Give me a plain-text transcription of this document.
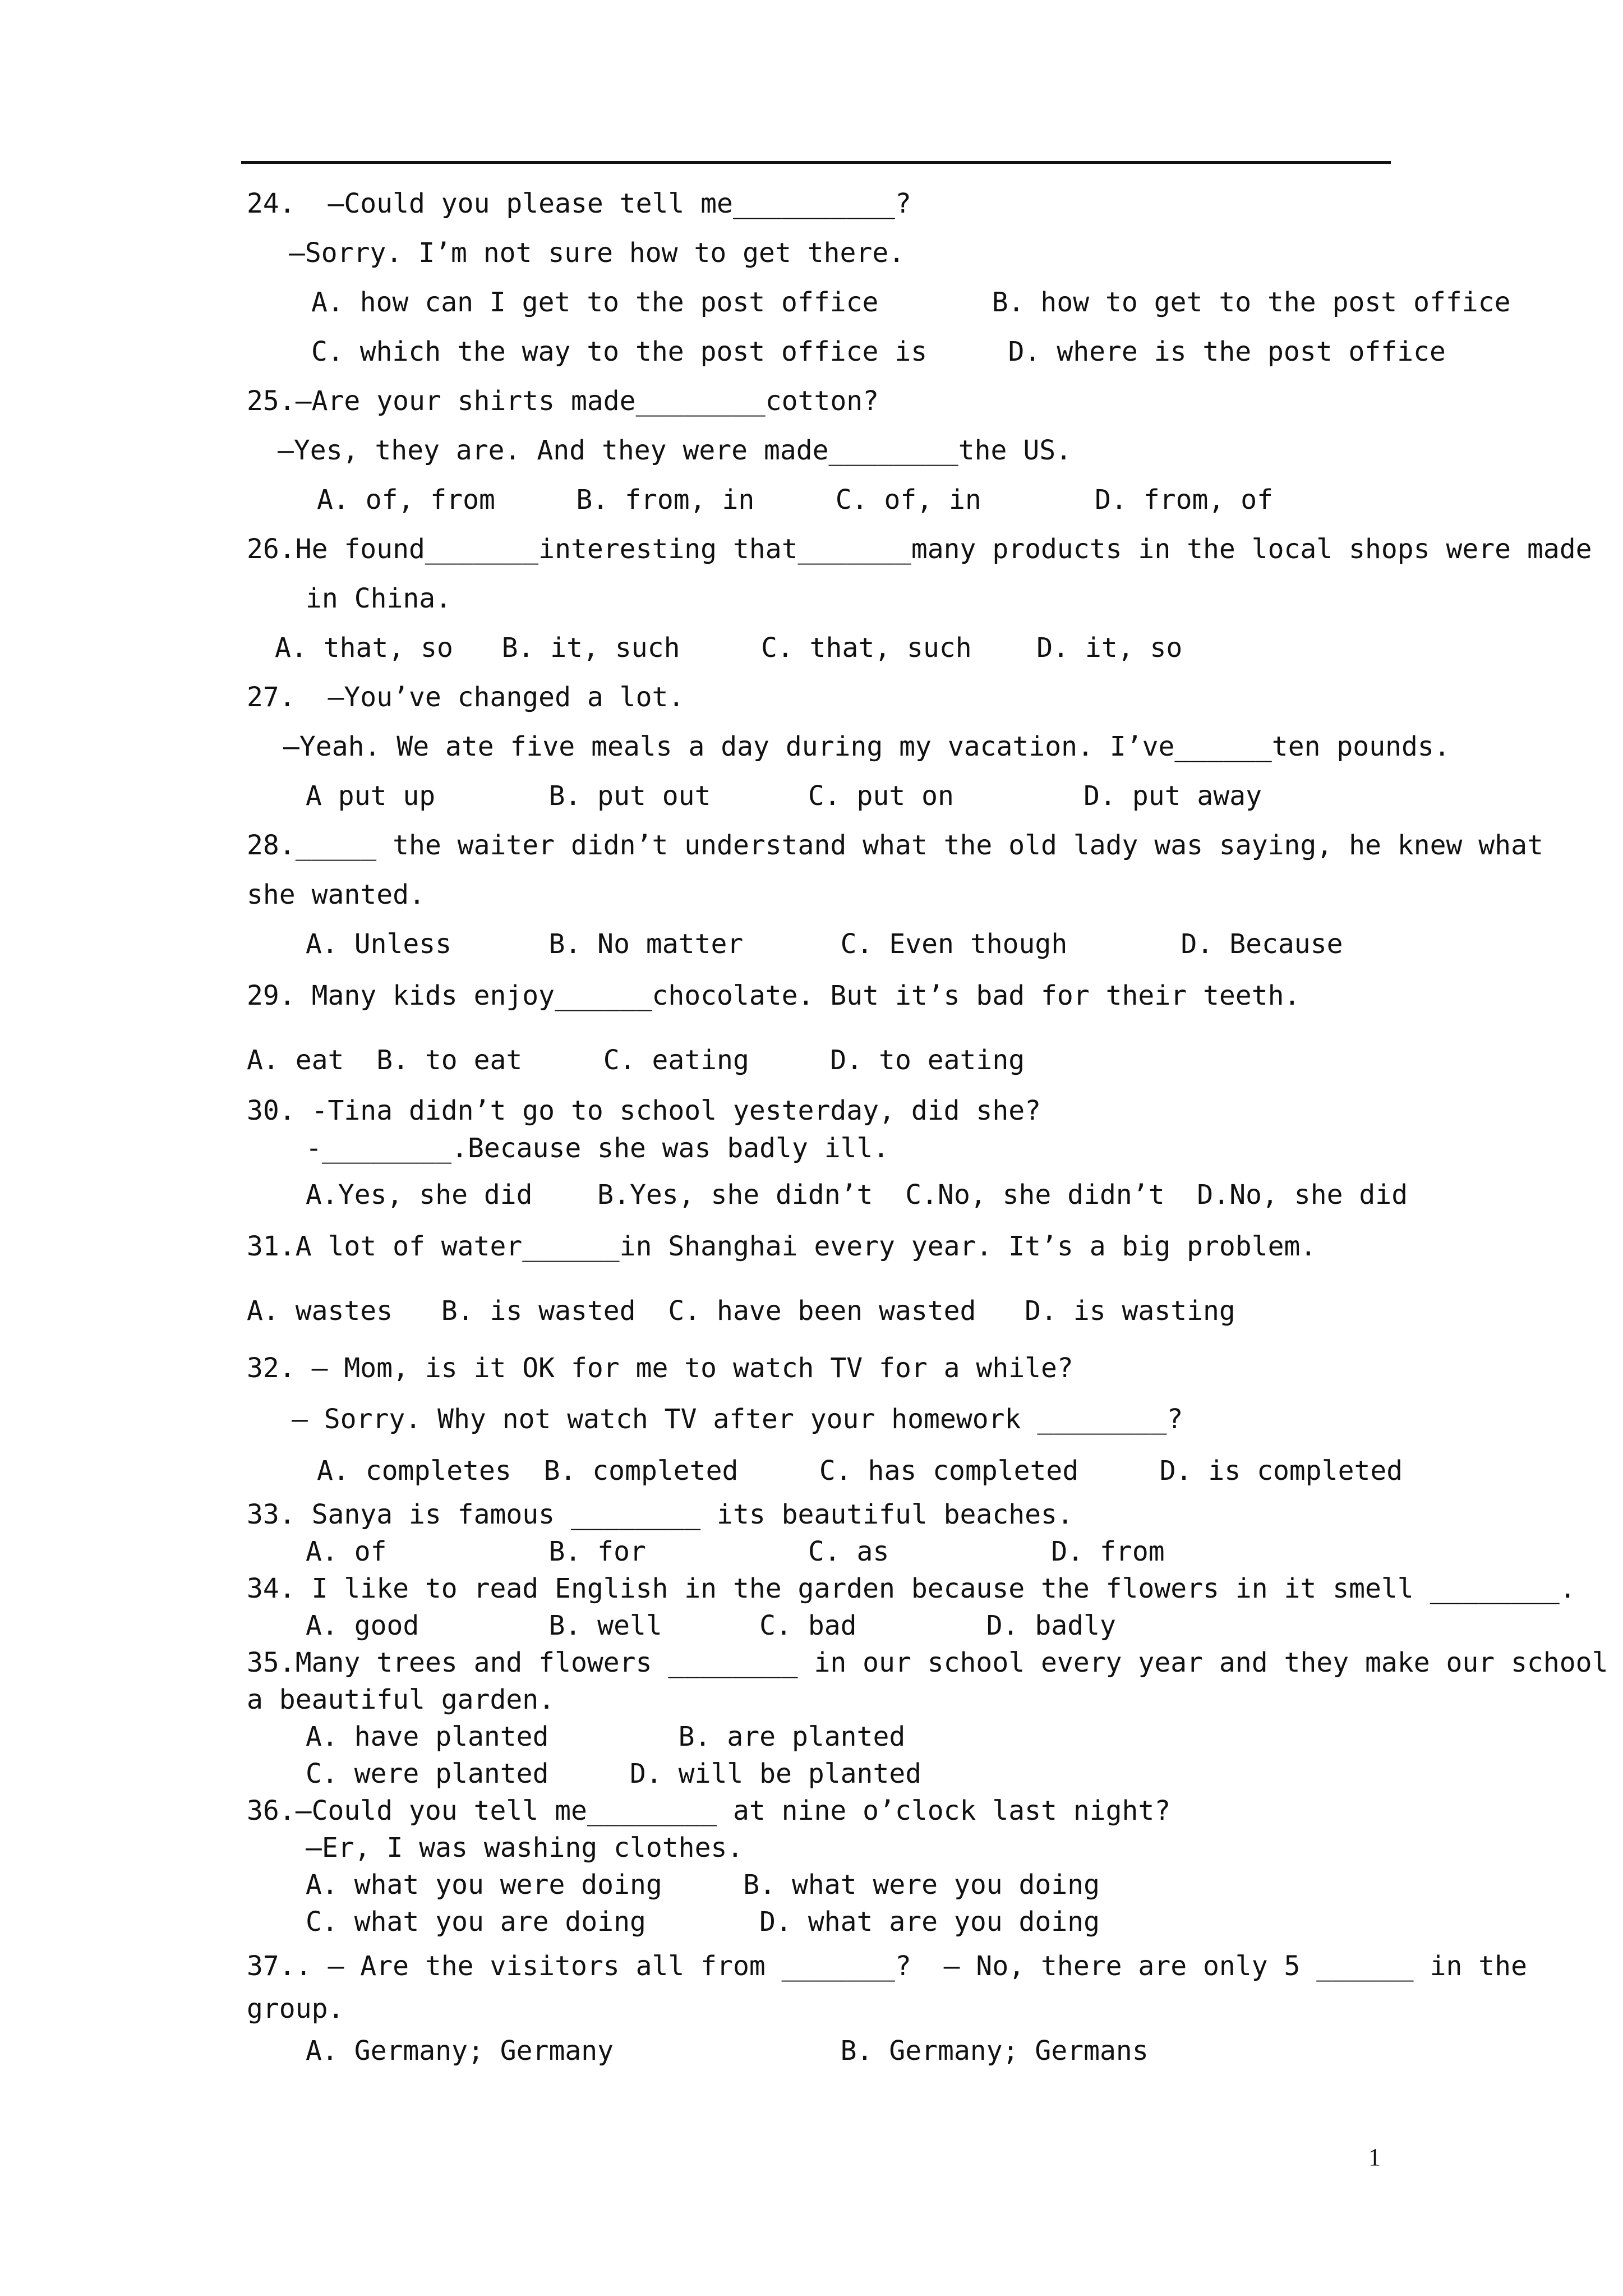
24.  —Could you please tell me__________?
—Sorry. I’m not sure how to get there.
A. how can I get to the post office       B. how to get to the post office
C. which the way to the post office is     D. where is the post office
25.—Are your shirts made________cotton?
—Yes, they are. And they were made________the US.
A. of, from     B. from, in     C. of, in       D. from, of
26.He found_______interesting that_______many products in the local shops were made
in China.
A. that, so   B. it, such     C. that, such    D. it, so
27.  —You’ve changed a lot.
–Yeah. We ate five meals a day during my vacation. I’ve______ten pounds.
A put up       B. put out      C. put on        D. put away
28._____ the waiter didn’t understand what the old lady was saying, he knew what
she wanted.
A. Unless      B. No matter      C. Even though       D. Because
29. Many kids enjoy______chocolate. But it’s bad for their teeth.
A. eat  B. to eat     C. eating     D. to eating
30. -Tina didn’t go to school yesterday, did she?
-________.Because she was badly ill.
A.Yes, she did    B.Yes, she didn’t  C.No, she didn’t  D.No, she did
31.A lot of water______in Shanghai every year. It’s a big problem.
A. wastes   B. is wasted  C. have been wasted   D. is wasting
32. — Mom, is it OK for me to watch TV for a while?
— Sorry. Why not watch TV after your homework ________?
A. completes  B. completed     C. has completed     D. is completed
33. Sanya is famous ________ its beautiful beaches.
A. of          B. for          C. as          D. from
34. I like to read English in the garden because the flowers in it smell ________.
A. good        B. well      C. bad        D. badly
35.Many trees and flowers ________ in our school every year and they make our school
a beautiful garden.
A. have planted        B. are planted
C. were planted     D. will be planted
36.—Could you tell me________ at nine o’clock last night?
—Er, I was washing clothes.
A. what you were doing     B. what were you doing
C. what you are doing       D. what are you doing
37.. — Are the visitors all from _______?  — No, there are only 5 ______ in the
group.
A. Germany; Germany              B. Germany; Germans
1
